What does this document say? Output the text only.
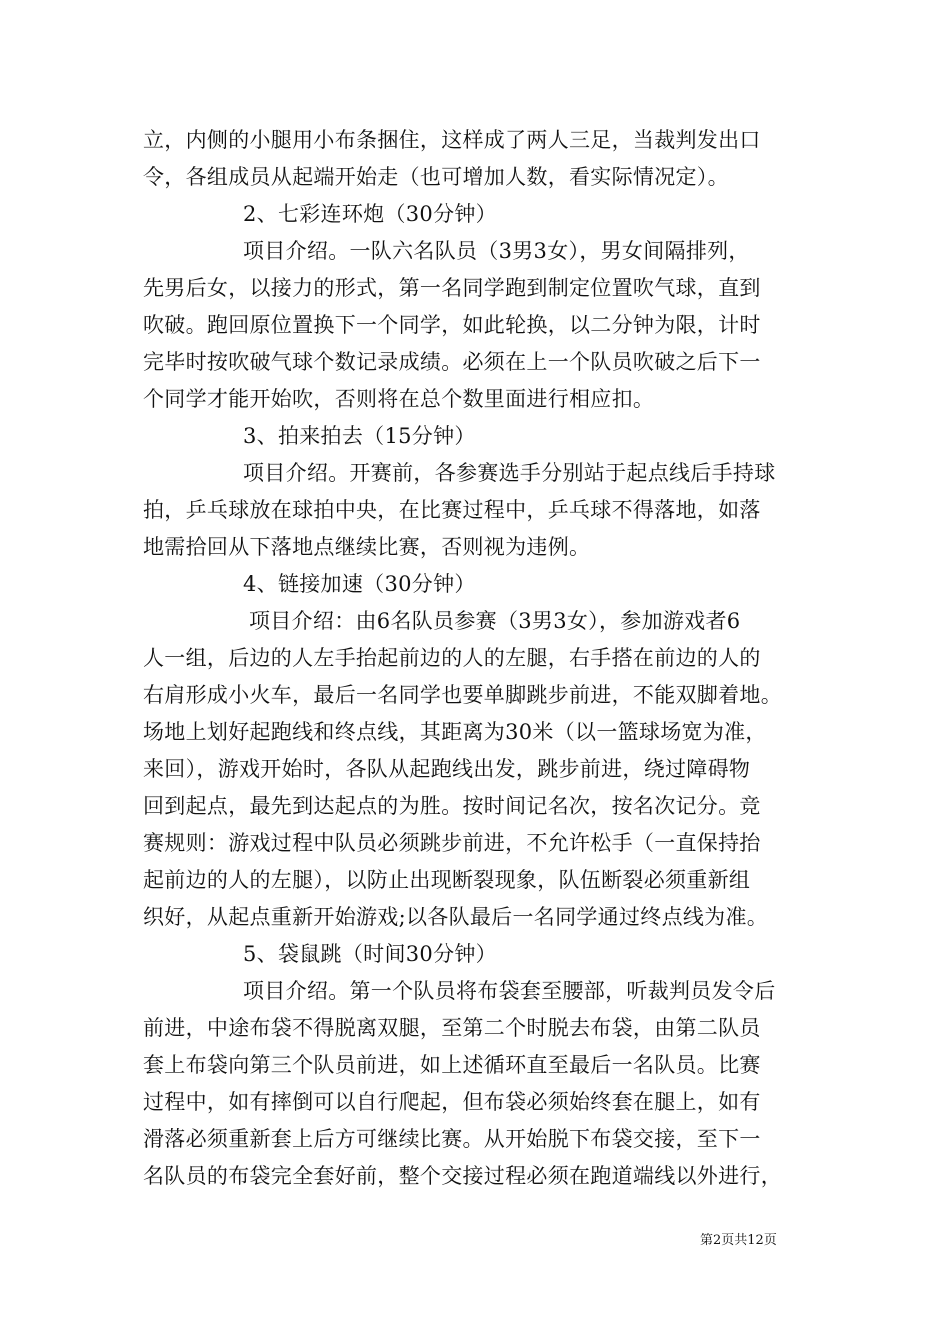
立，内侧的小腿用小布条捆住，这样成了两人三足，当裁判发出口
令，各组成员从起端开始走（也可增加人数，看实际情况定）。
2、七彩连环炮（30分钟）
项目介绍。一队六名队员（3男3女），男女间隔排列，
先男后女，以接力的形式，第一名同学跑到制定位置吹气球，直到
吹破。跑回原位置换下一个同学，如此轮换，以二分钟为限，计时
完毕时按吹破气球个数记录成绩。必须在上一个队员吹破之后下一
个同学才能开始吹，否则将在总个数里面进行相应扣。
3、拍来拍去（15分钟）
项目介绍。开赛前，各参赛选手分别站于起点线后手持球
拍，乒乓球放在球拍中央，在比赛过程中，乒乓球不得落地，如落
地需拾回从下落地点继续比赛，否则视为违例。
4、链接加速（30分钟）
项目介绍：由6名队员参赛（3男3女），参加游戏者6
人一组，后边的人左手抬起前边的人的左腿，右手搭在前边的人的
右肩形成小火车，最后一名同学也要单脚跳步前进，不能双脚着地。
场地上划好起跑线和终点线，其距离为30米（以一篮球场宽为准，
来回），游戏开始时，各队从起跑线出发，跳步前进，绕过障碍物
回到起点，最先到达起点的为胜。按时间记名次，按名次记分。竞
赛规则：游戏过程中队员必须跳步前进，不允许松手（一直保持抬
起前边的人的左腿），以防止出现断裂现象，队伍断裂必须重新组
织好，从起点重新开始游戏;以各队最后一名同学通过终点线为准。
5、袋鼠跳（时间30分钟）
项目介绍。第一个队员将布袋套至腰部，听裁判员发令后
前进，中途布袋不得脱离双腿，至第二个时脱去布袋，由第二队员
套上布袋向第三个队员前进，如上述循环直至最后一名队员。比赛
过程中，如有摔倒可以自行爬起，但布袋必须始终套在腿上，如有
滑落必须重新套上后方可继续比赛。从开始脱下布袋交接，至下一
名队员的布袋完全套好前，整个交接过程必须在跑道端线以外进行，
第2页共12页
